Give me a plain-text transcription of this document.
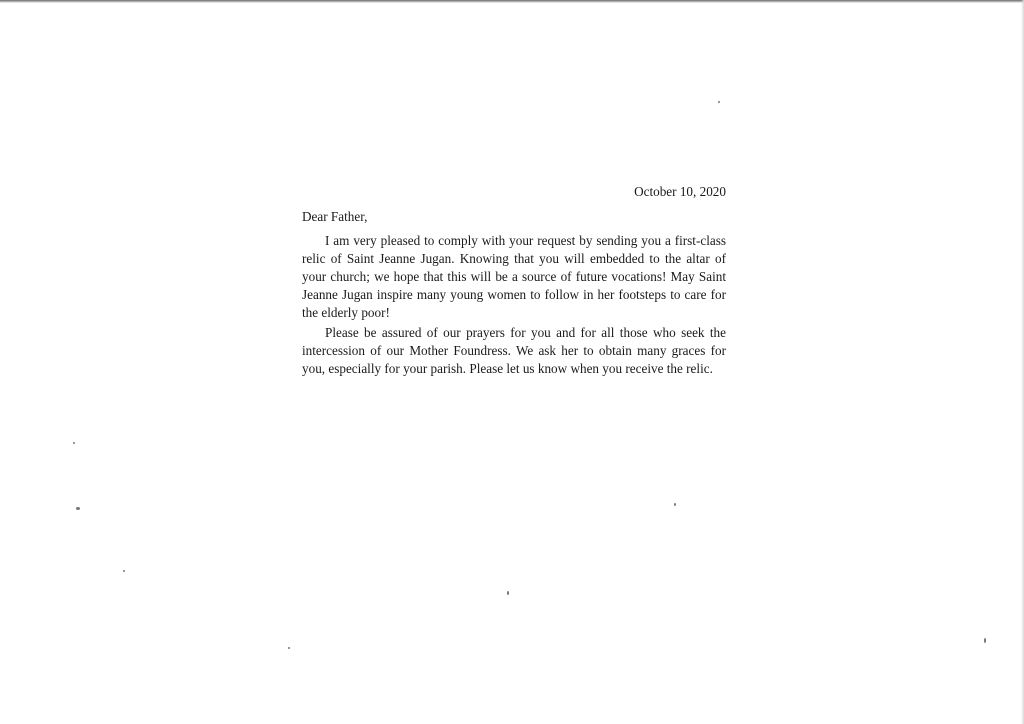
October 10, 2020

Dear Father,

I am very pleased to comply with your request by sending you a first-class relic of Saint Jeanne Jugan. Knowing that you will embedded to the altar of your church; we hope that this will be a source of future vocations! May Saint Jeanne Jugan inspire many young women to follow in her footsteps to care for the elderly poor!

Please be assured of our prayers for you and for all those who seek the intercession of our Mother Foundress. We ask her to obtain many graces for you, especially for your parish. Please let us know when you receive the relic.
